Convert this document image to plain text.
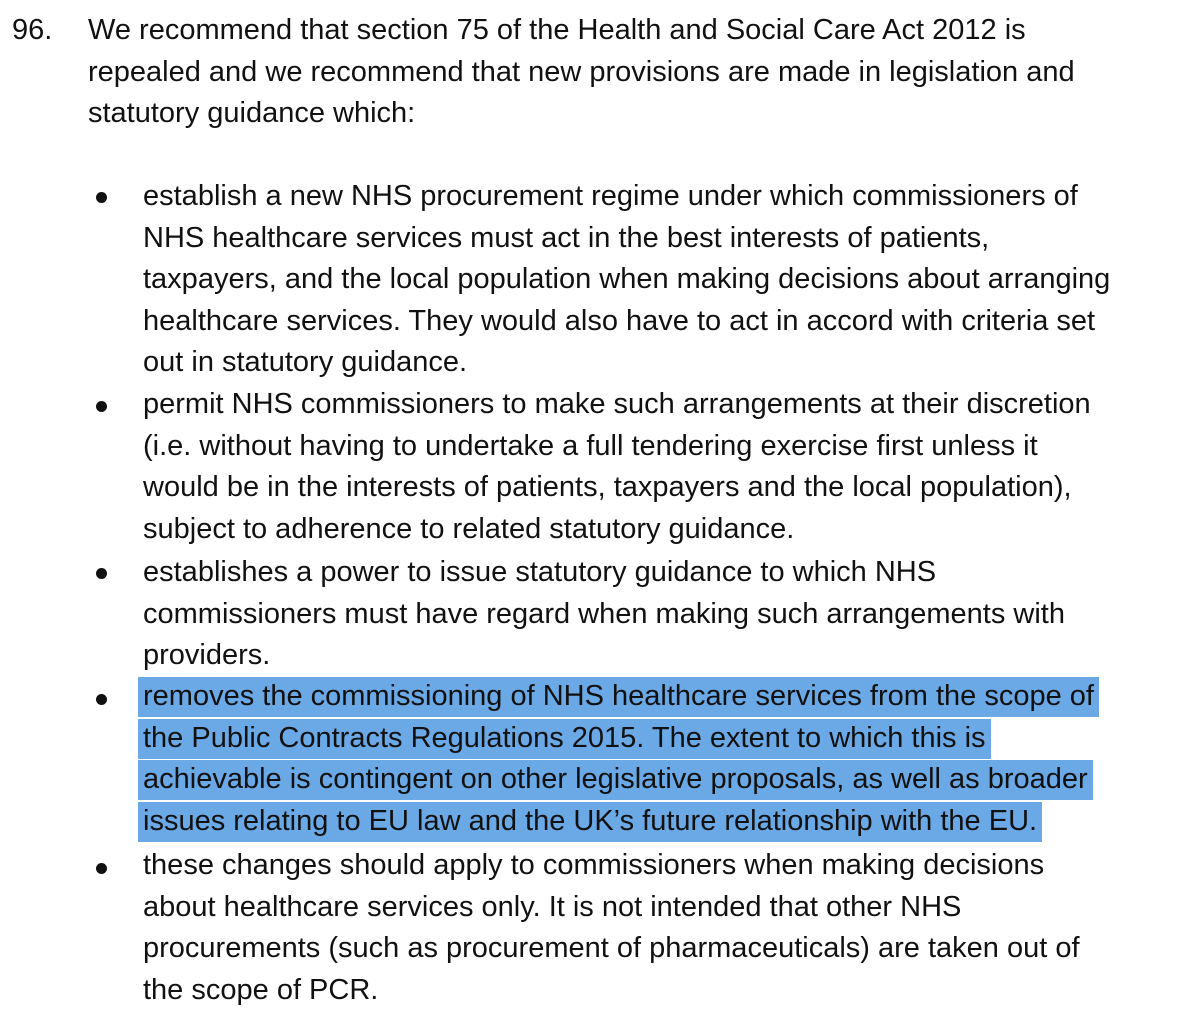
96. We recommend that section 75 of the Health and Social Care Act 2012 is
repealed and we recommend that new provisions are made in legislation and
statutory guidance which:
establish a new NHS procurement regime under which commissioners of
NHS healthcare services must act in the best interests of patients,
taxpayers, and the local population when making decisions about arranging
healthcare services. They would also have to act in accord with criteria set
out in statutory guidance.
permit NHS commissioners to make such arrangements at their discretion
(i.e. without having to undertake a full tendering exercise first unless it
would be in the interests of patients, taxpayers and the local population),
subject to adherence to related statutory guidance.
establishes a power to issue statutory guidance to which NHS
commissioners must have regard when making such arrangements with
providers.
removes the commissioning of NHS healthcare services from the scope of
the Public Contracts Regulations 2015. The extent to which this is
achievable is contingent on other legislative proposals, as well as broader
issues relating to EU law and the UK’s future relationship with the EU.
these changes should apply to commissioners when making decisions
about healthcare services only. It is not intended that other NHS
procurements (such as procurement of pharmaceuticals) are taken out of
the scope of PCR.
